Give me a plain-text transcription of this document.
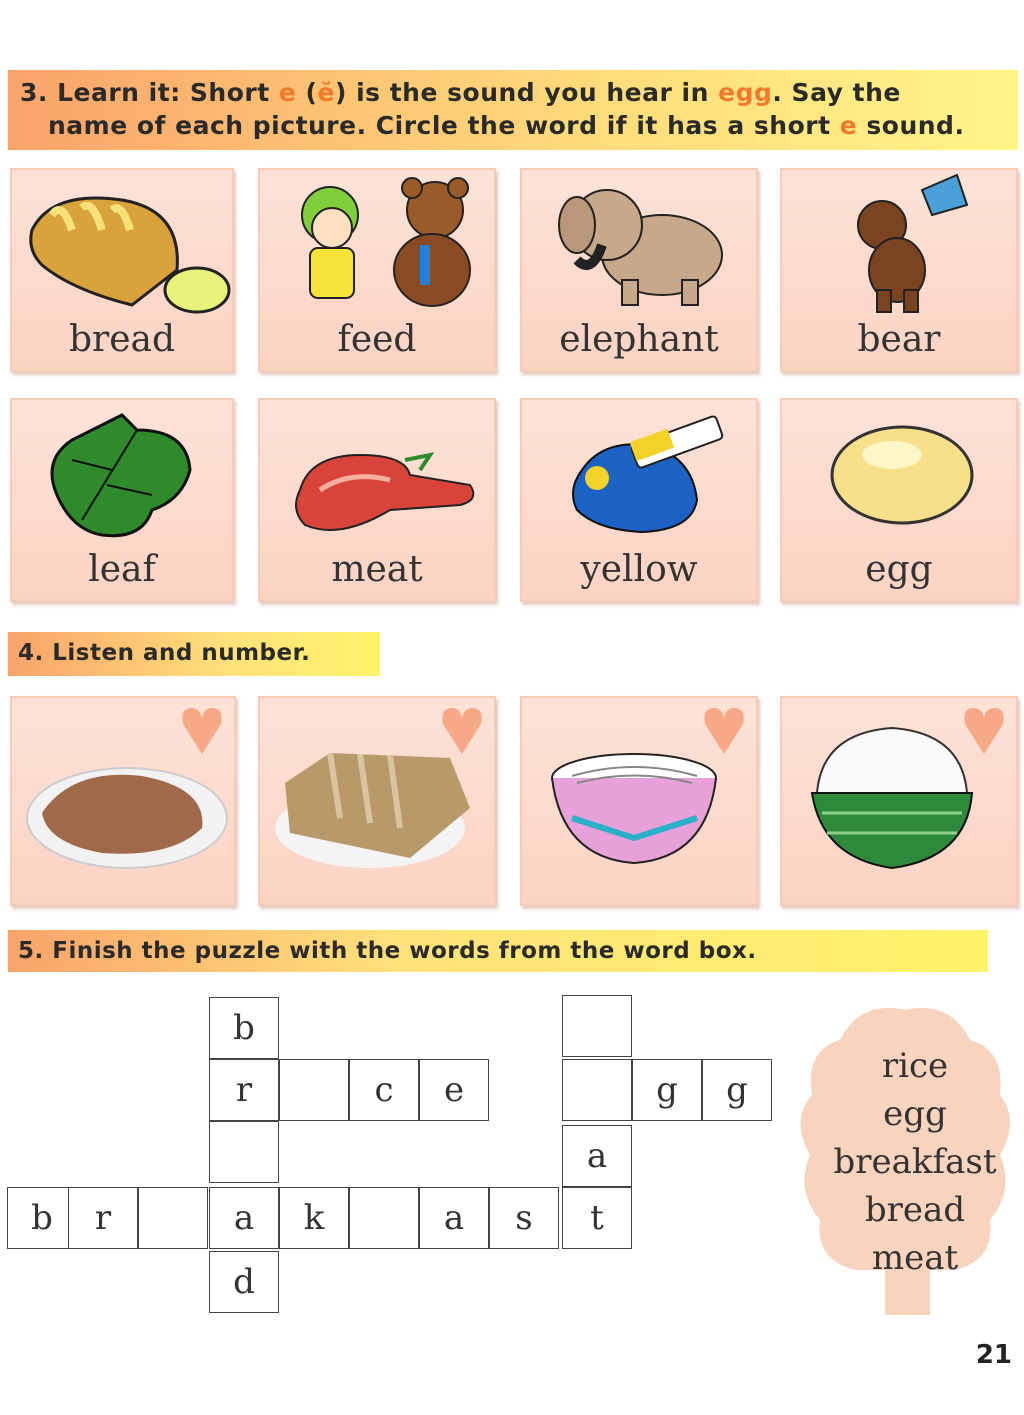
3. Learn it: Short e (ĕ) is the sound you hear in egg. Say the
name of each picture. Circle the word if it has a short e sound.
bread	feed	elephant	bear
leaf	meat	yellow	egg
4. Listen and number.
5. Finish the puzzle with the words from the word box.
b
r
a
d
c	e
a
t
g	g
b	r	k	a	s
rice
egg
breakfast
bread
meat
21
